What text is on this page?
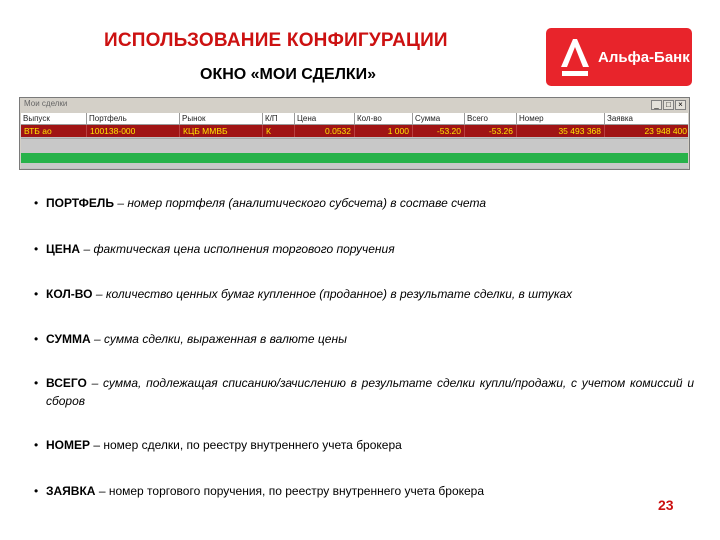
ИСПОЛЬЗОВАНИЕ КОНФИГУРАЦИИ
ОКНО «МОИ СДЕЛКИ»
Альфа-Банк
Мои сделки	_ □ ×
Выпуск	Портфель	Рынок	К/П	Цена	Кол-во	Сумма	Всего	Номер	Заявка
ВТБ ао	100138-000	КЦБ ММВБ	К	0.0532	1 000	-53.20	-53.26	35 493 368	23 948 400
• ПОРТФЕЛЬ – номер портфеля (аналитического субсчета) в составе счета
• ЦЕНА – фактическая цена исполнения торгового поручения
• КОЛ-ВО – количество ценных бумаг купленное (проданное) в результате сделки, в штуках
• СУММА – сумма сделки, выраженная в валюте цены
• ВСЕГО – сумма, подлежащая списанию/зачислению в результате сделки купли/продажи, с учетом комиссий и сборов
• НОМЕР – номер сделки, по реестру внутреннего учета брокера
• ЗАЯВКА – номер торгового поручения, по реестру внутреннего учета брокера
23
